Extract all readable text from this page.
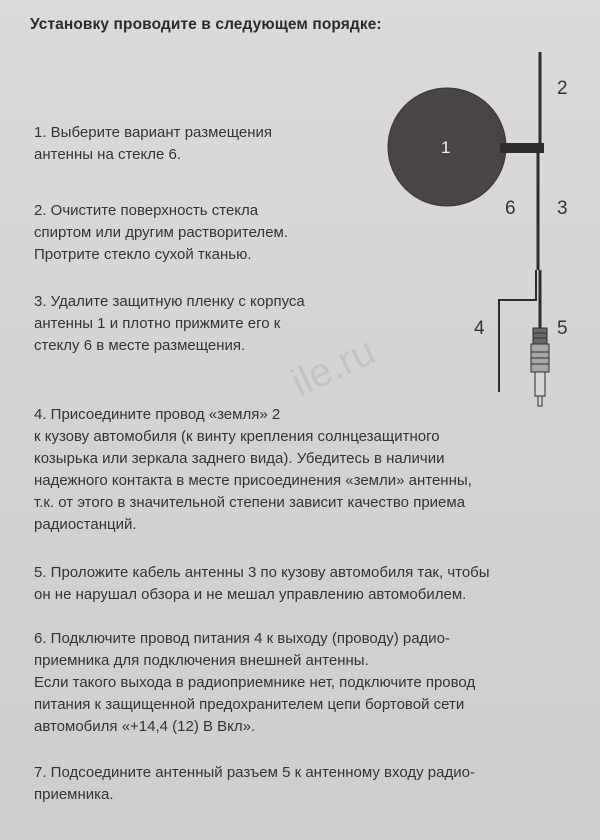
Установку проводите в следующем порядке:
1. Выберите вариант размещения
антенны на стекле 6.
2. Очистите поверхность стекла
спиртом или другим растворителем.
Протрите стекло сухой тканью.
3. Удалите защитную пленку с корпуса
антенны 1 и плотно прижмите его к
стеклу 6 в месте размещения.
4. Присоедините провод «земля» 2
к кузову автомобиля (к винту крепления солнцезащитного
козырька или зеркала заднего вида). Убедитесь в наличии
надежного контакта в месте присоединения «земли» антенны,
т.к. от этого в значительной степени зависит качество приема
радиостанций.
5. Проложите кабель антенны 3 по кузову автомобиля так, чтобы
он не нарушал обзора и не мешал управлению автомобилем.
6. Подключите провод питания 4 к выходу (проводу) радио-
приемника для подключения внешней антенны.
Если такого выхода в радиоприемнике нет, подключите провод
питания к защищенной предохранителем цепи бортовой сети
автомобиля «+14,4 (12) В Вкл».
7. Подсоедините антенный разъем 5 к антенному входу радио-
приемника.
ile.ru
1
2
3
6
4	5
